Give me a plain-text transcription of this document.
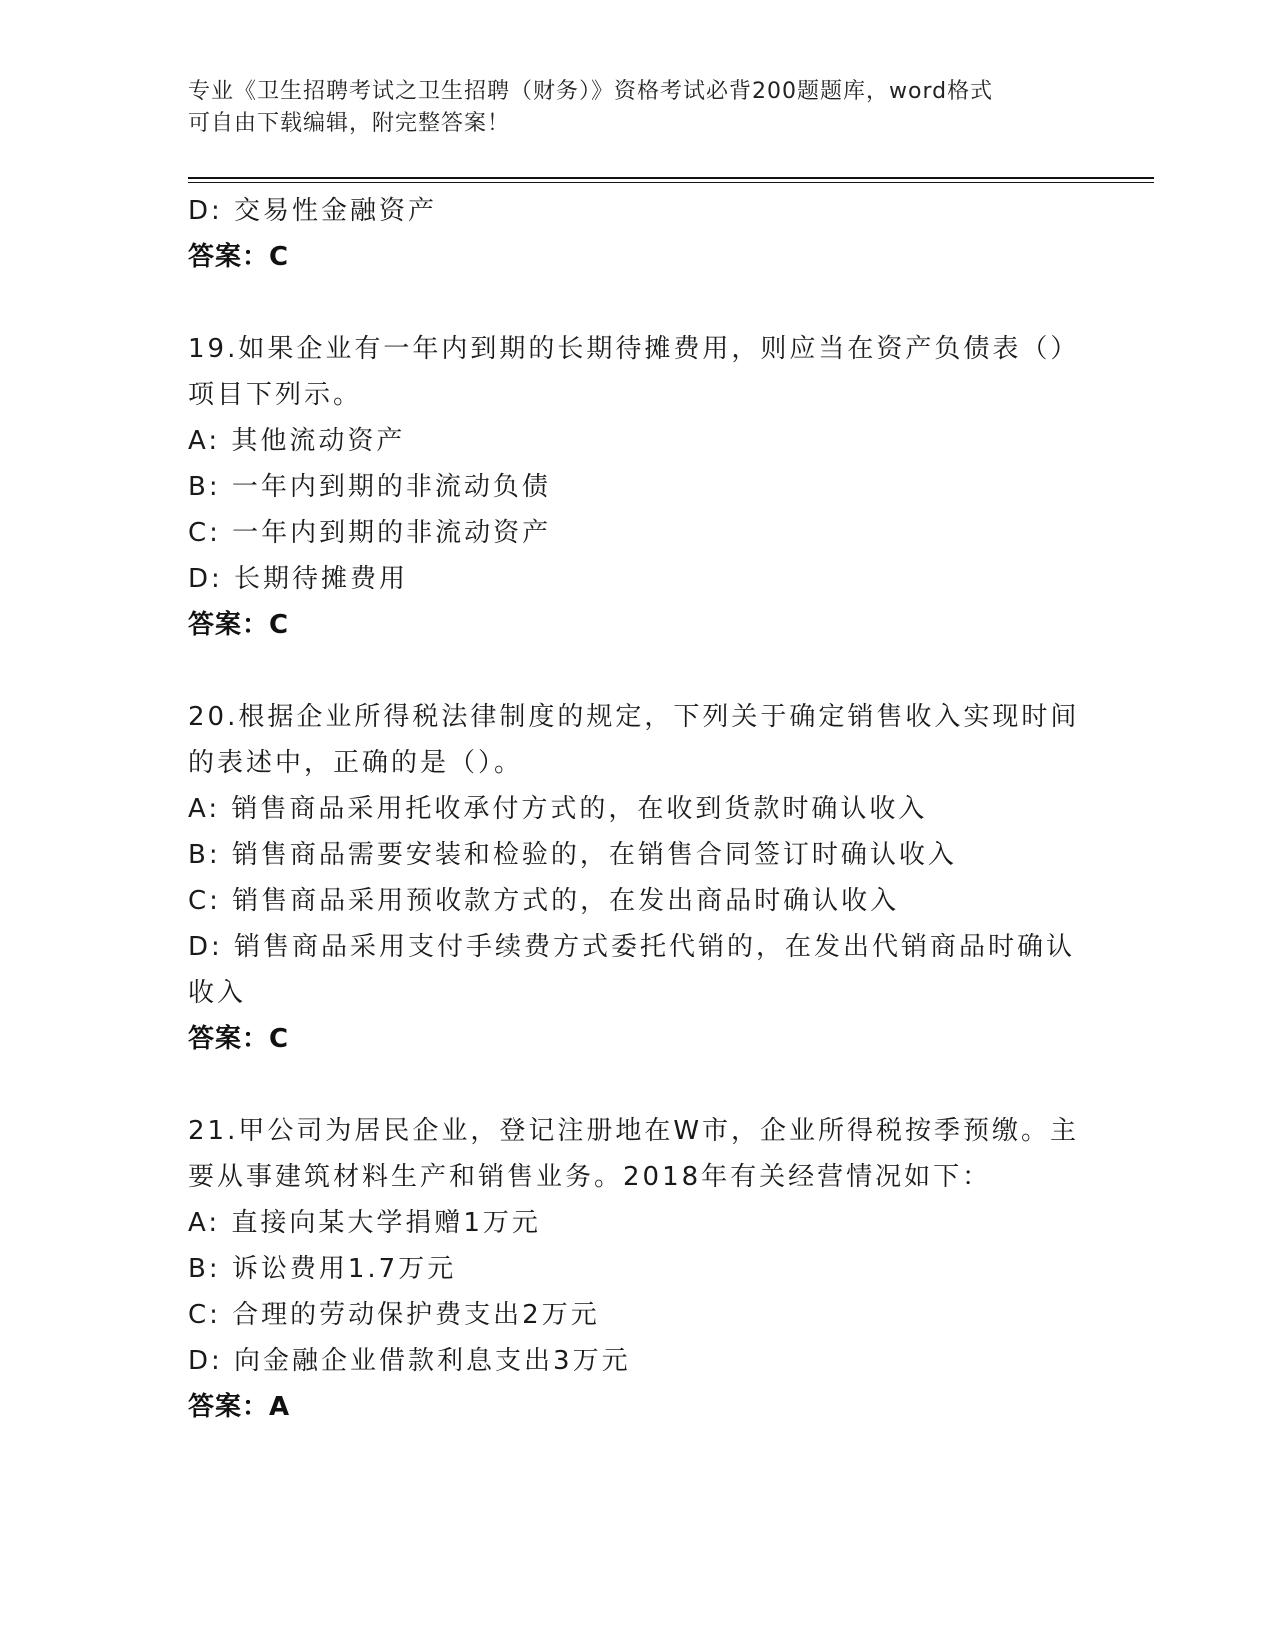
专业《卫生招聘考试之卫生招聘（财务）》资格考试必背200题题库，word格式
可自由下载编辑，附完整答案！
D: 交易性金融资产
答案：C
19.如果企业有一年内到期的长期待摊费用，则应当在资产负债表（）
项目下列示。
A: 其他流动资产
B: 一年内到期的非流动负债
C: 一年内到期的非流动资产
D: 长期待摊费用
答案：C
20.根据企业所得税法律制度的规定，下列关于确定销售收入实现时间
的表述中，正确的是（）。
A: 销售商品采用托收承付方式的，在收到货款时确认收入
B: 销售商品需要安装和检验的，在销售合同签订时确认收入
C: 销售商品采用预收款方式的，在发出商品时确认收入
D: 销售商品采用支付手续费方式委托代销的，在发出代销商品时确认
收入
答案：C
21.甲公司为居民企业，登记注册地在W市，企业所得税按季预缴。主
要从事建筑材料生产和销售业务。2018年有关经营情况如下：
A: 直接向某大学捐赠1万元
B: 诉讼费用1.7万元
C: 合理的劳动保护费支出2万元
D: 向金融企业借款利息支出3万元
答案：A
